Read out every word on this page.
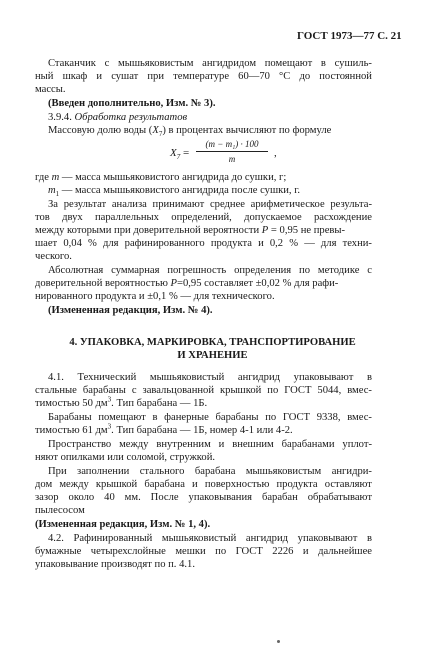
ГОСТ 1973—77 С. 21
Стаканчик с мышьяковистым ангидридом помещают в сушиль-
ный шкаф и сушат при температуре 60—70 °С до постоянной
массы.
(Введен дополнительно, Изм. № 3).
3.9.4. Обработка результатов
Массовую долю воды $(X_7)$ в процентах вычисляют по формуле
$X_7$ =
(m − m₁) · 100
m	,
где m — масса мышьяковистого ангидрида до сушки, г;
$m_1$ — масса мышьяковистого ангидрида после сушки, г.
За результат анализа принимают среднее арифметическое результа-
тов двух параллельных определений, допускаемое расхождение
между которыми при доверительной вероятности P = 0,95 не превы-
шает 0,04 % для рафинированного продукта и 0,2 % — для техни-
ческого.
Абсолютная суммарная погрешность определения по методике с
доверительной вероятностью P=0,95 составляет ±0,02 % для рафи-
нированного продукта и ±0,1 % — для технического.
(Измененная редакция, Изм. № 4).
4. УПАКОВКА, МАРКИРОВКА, ТРАНСПОРТИРОВАНИЕ
И ХРАНЕНИЕ
4.1. Технический мышьяковистый ангидрид упаковывают в
стальные барабаны с завальцованной крышкой по ГОСТ 5044, вмес-
тимостью 50 $дм^3$. Тип барабана — 1Б.
Барабаны помещают в фанерные барабаны по ГОСТ 9338, вмес-
тимостью 61 $дм^3$. Тип барабана — 1Б, номер 4-1 или 4-2.
Пространство между внутренним и внешним барабанами уплот-
няют опилками или соломой, стружкой.
При заполнении стального барабана мышьяковистым ангидри-
дом между крышкой барабана и поверхностью продукта оставляют
зазор около 40 мм. После упаковывания барабан обрабатывают
пылесосом
(Измененная редакция, Изм. № 1, 4).
4.2. Рафинированный мышьяковистый ангидрид упаковывают в
бумажные четырехслойные мешки по ГОСТ 2226 и дальнейшее
упаковывание производят по п. 4.1.
